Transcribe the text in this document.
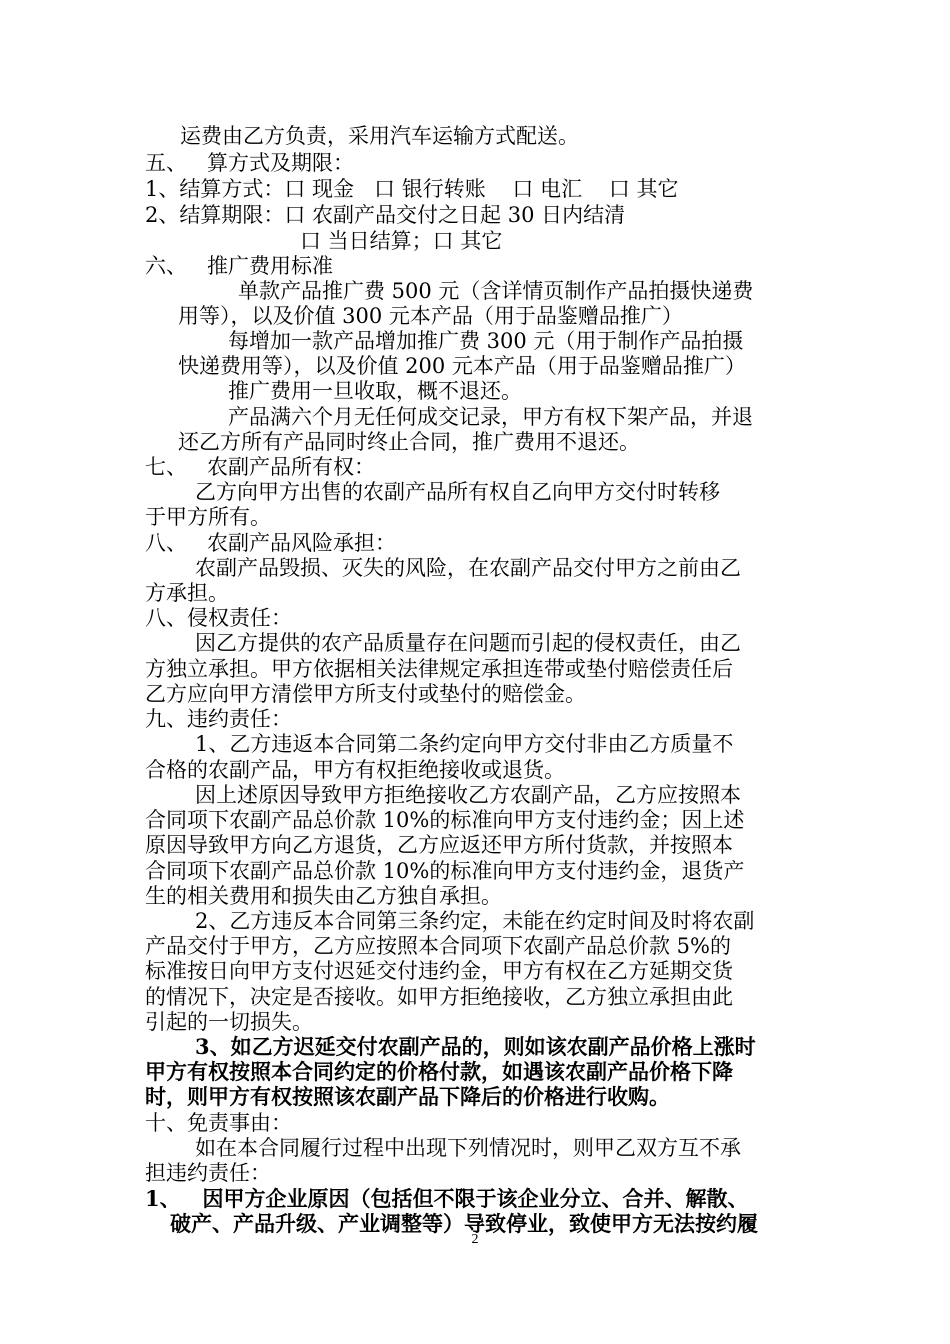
运费由乙方负责，采用汽车运输方式配送。
五、   算方式及期限：
1、结算方式：口 现金   口 银行转账    口 电汇    口 其它
2、结算期限：口 农副产品交付之日起 30 日内结清
口 当日结算；口 其它
六、   推广费用标准
单款产品推广费 500 元（含详情页制作产品拍摄快递费
用等），以及价值 300 元本产品（用于品鉴赠品推广）
每增加一款产品增加推广费 300 元（用于制作产品拍摄
快递费用等），以及价值 200 元本产品（用于品鉴赠品推广）
推广费用一旦收取，概不退还。
产品满六个月无任何成交记录，甲方有权下架产品，并退
还乙方所有产品同时终止合同，推广费用不退还。
七、   农副产品所有权：
乙方向甲方出售的农副产品所有权自乙向甲方交付时转移
于甲方所有。
八、   农副产品风险承担：
农副产品毁损、灭失的风险，在农副产品交付甲方之前由乙
方承担。
八、侵权责任：
因乙方提供的农产品质量存在问题而引起的侵权责任，由乙
方独立承担。甲方依据相关法律规定承担连带或垫付赔偿责任后
乙方应向甲方清偿甲方所支付或垫付的赔偿金。
九、违约责任：
1、乙方违返本合同第二条约定向甲方交付非由乙方质量不
合格的农副产品，甲方有权拒绝接收或退货。
因上述原因导致甲方拒绝接收乙方农副产品，乙方应按照本
合同项下农副产品总价款 10%的标准向甲方支付违约金；因上述
原因导致甲方向乙方退货，乙方应返还甲方所付货款，并按照本
合同项下农副产品总价款 10%的标准向甲方支付违约金，退货产
生的相关费用和损失由乙方独自承担。
2、乙方违反本合同第三条约定，未能在约定时间及时将农副
产品交付于甲方，乙方应按照本合同项下农副产品总价款 5%的
标准按日向甲方支付迟延交付违约金，甲方有权在乙方延期交货
的情况下，决定是否接收。如甲方拒绝接收，乙方独立承担由此
引起的一切损失。
3、如乙方迟延交付农副产品的，则如该农副产品价格上涨时
甲方有权按照本合同约定的价格付款，如遇该农副产品价格下降
时，则甲方有权按照该农副产品下降后的价格进行收购。
十、免责事由：
如在本合同履行过程中出现下列情况时，则甲乙双方互不承
担违约责任：
1、   因甲方企业原因（包括但不限于该企业分立、合并、解散、
破产、产品升级、产业调整等）导致停业，致使甲方无法按约履
2
